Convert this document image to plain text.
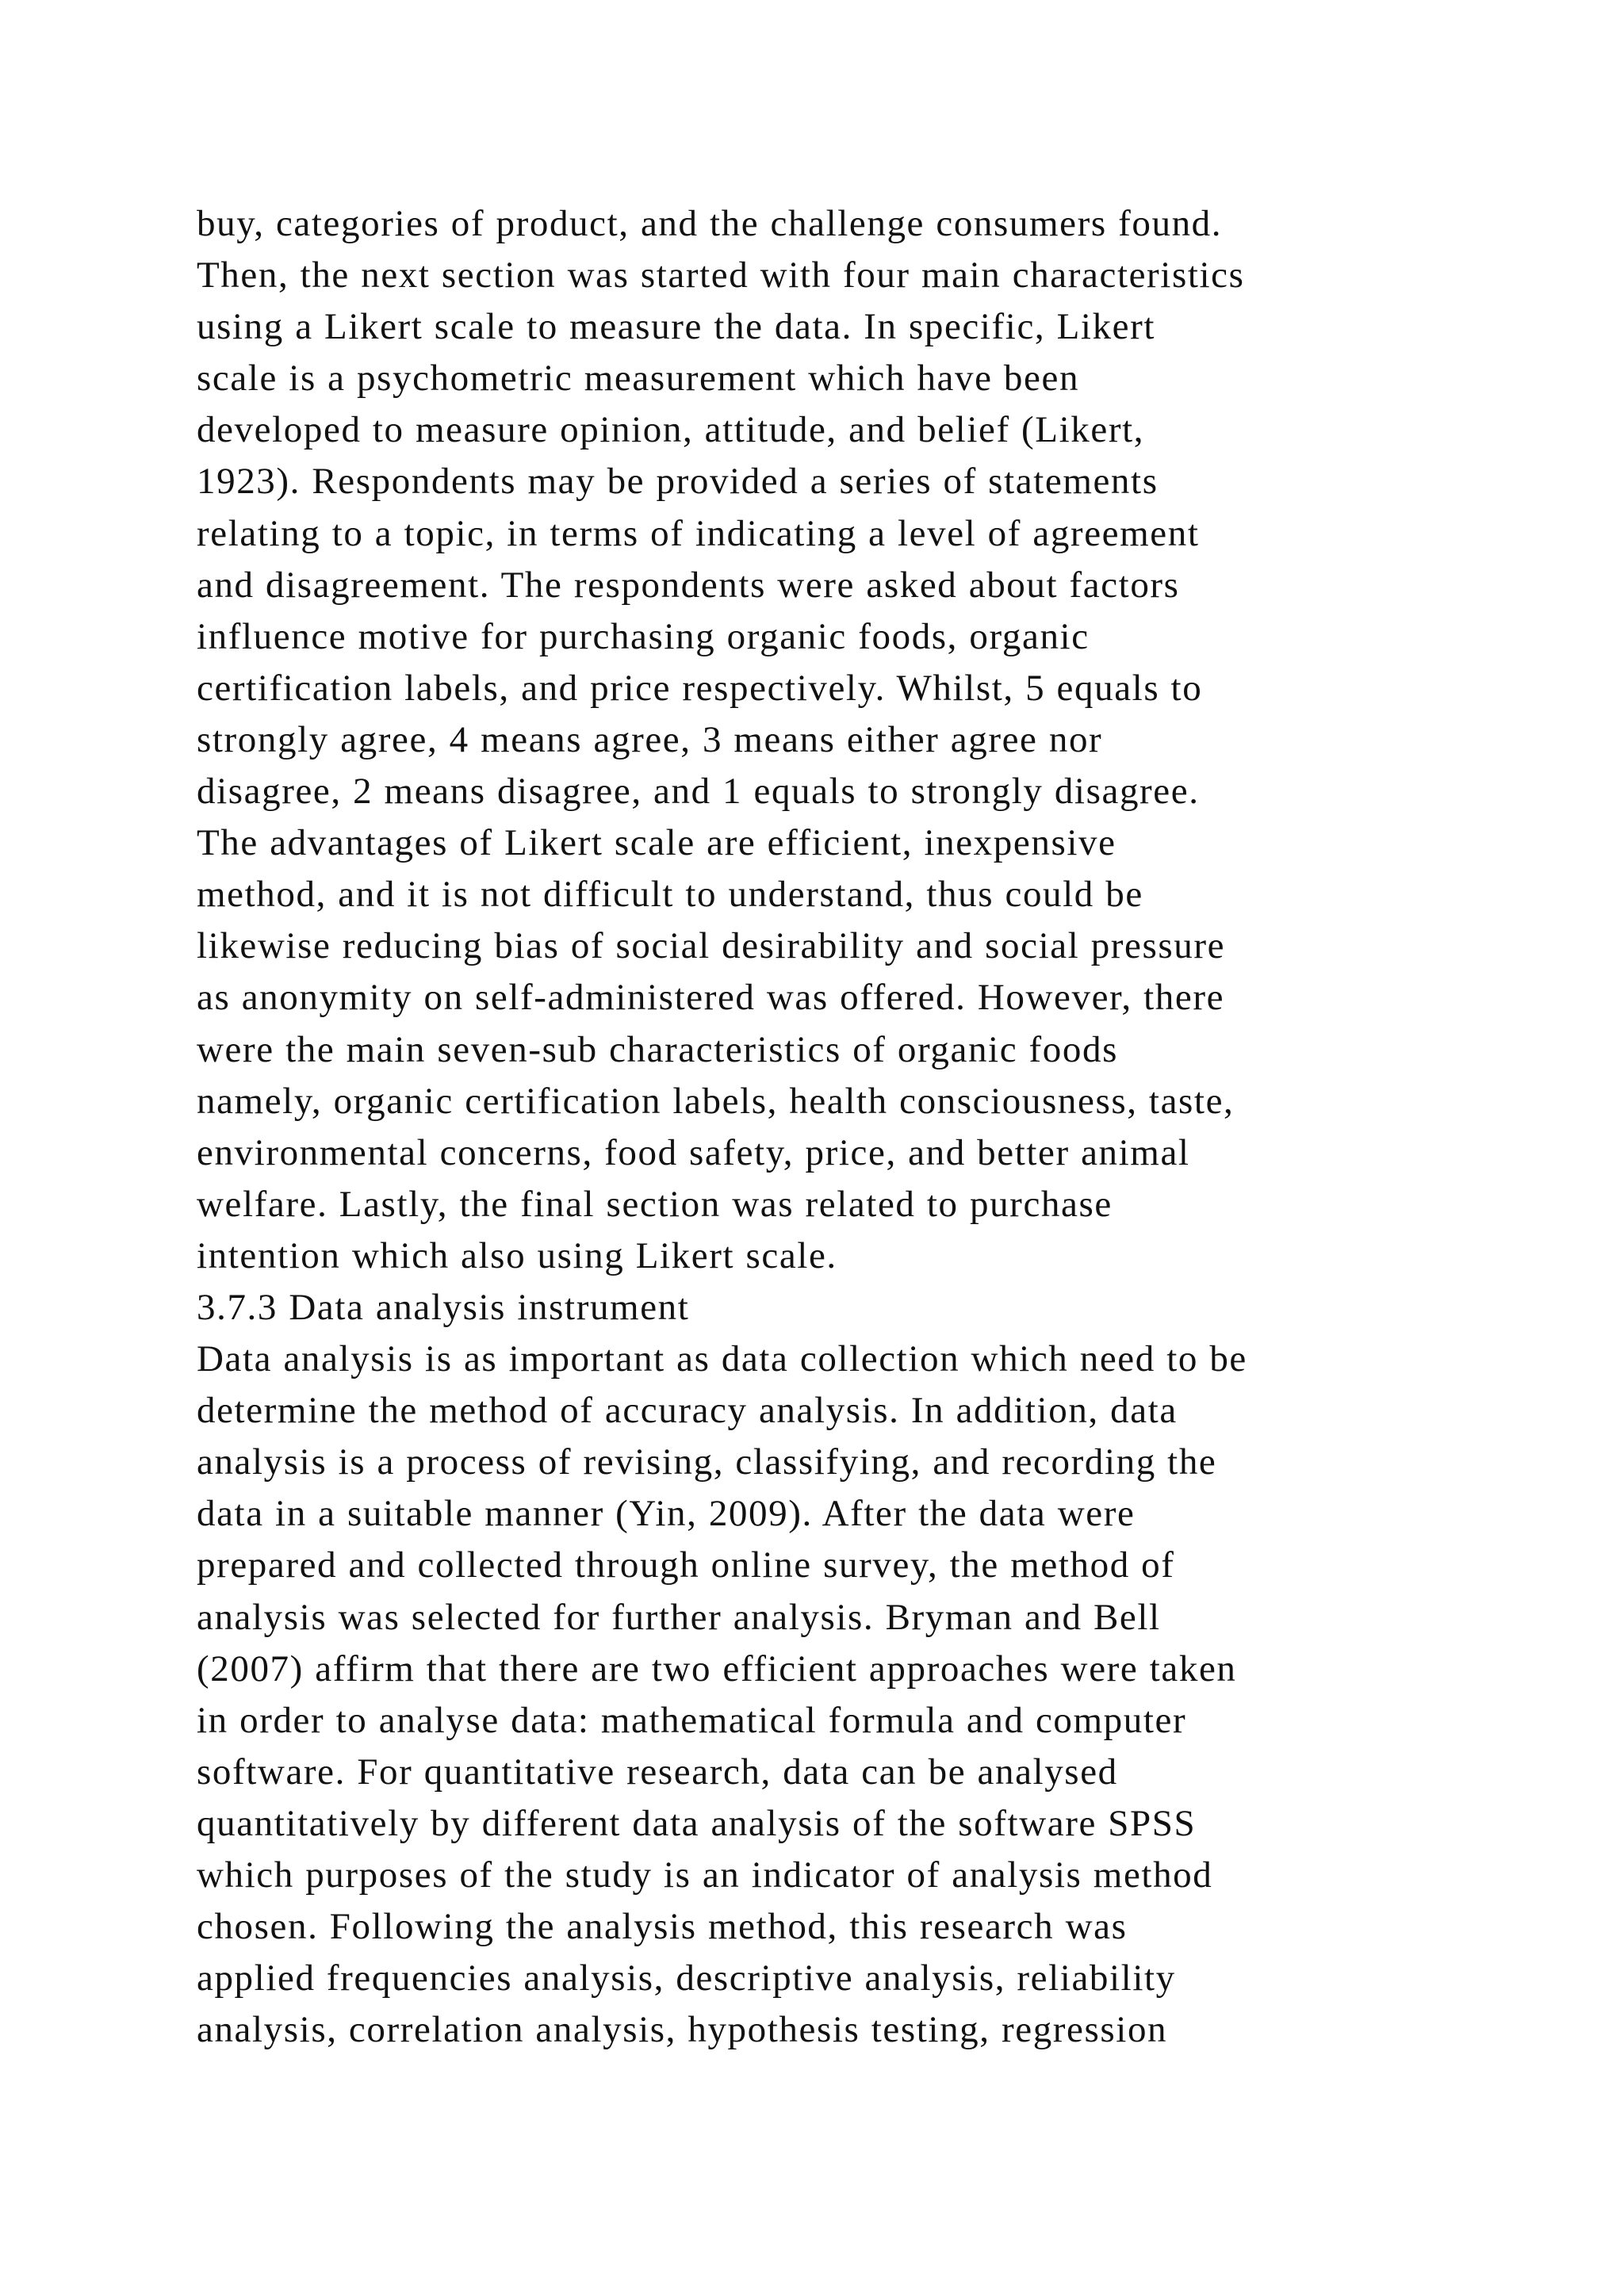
buy, categories of product, and the challenge consumers found.
Then, the next section was started with four main characteristics
using a Likert scale to measure the data. In specific, Likert
scale is a psychometric measurement which have been
developed to measure opinion, attitude, and belief (Likert,
1923). Respondents may be provided a series of statements
relating to a topic, in terms of indicating a level of agreement
and disagreement. The respondents were asked about factors
influence motive for purchasing organic foods, organic
certification labels, and price respectively. Whilst, 5 equals to
strongly agree, 4 means agree, 3 means either agree nor
disagree, 2 means disagree, and 1 equals to strongly disagree.
The advantages of Likert scale are efficient, inexpensive
method, and it is not difficult to understand, thus could be
likewise reducing bias of social desirability and social pressure
as anonymity on self-administered was offered. However, there
were the main seven-sub characteristics of organic foods
namely, organic certification labels, health consciousness, taste,
environmental concerns, food safety, price, and better animal
welfare. Lastly, the final section was related to purchase
intention which also using Likert scale.
3.7.3 Data analysis instrument
Data analysis is as important as data collection which need to be
determine the method of accuracy analysis. In addition, data
analysis is a process of revising, classifying, and recording the
data in a suitable manner (Yin, 2009). After the data were
prepared and collected through online survey, the method of
analysis was selected for further analysis. Bryman and Bell
(2007) affirm that there are two efficient approaches were taken
in order to analyse data: mathematical formula and computer
software. For quantitative research, data can be analysed
quantitatively by different data analysis of the software SPSS
which purposes of the study is an indicator of analysis method
chosen. Following the analysis method, this research was
applied frequencies analysis, descriptive analysis, reliability
analysis, correlation analysis, hypothesis testing, regression
